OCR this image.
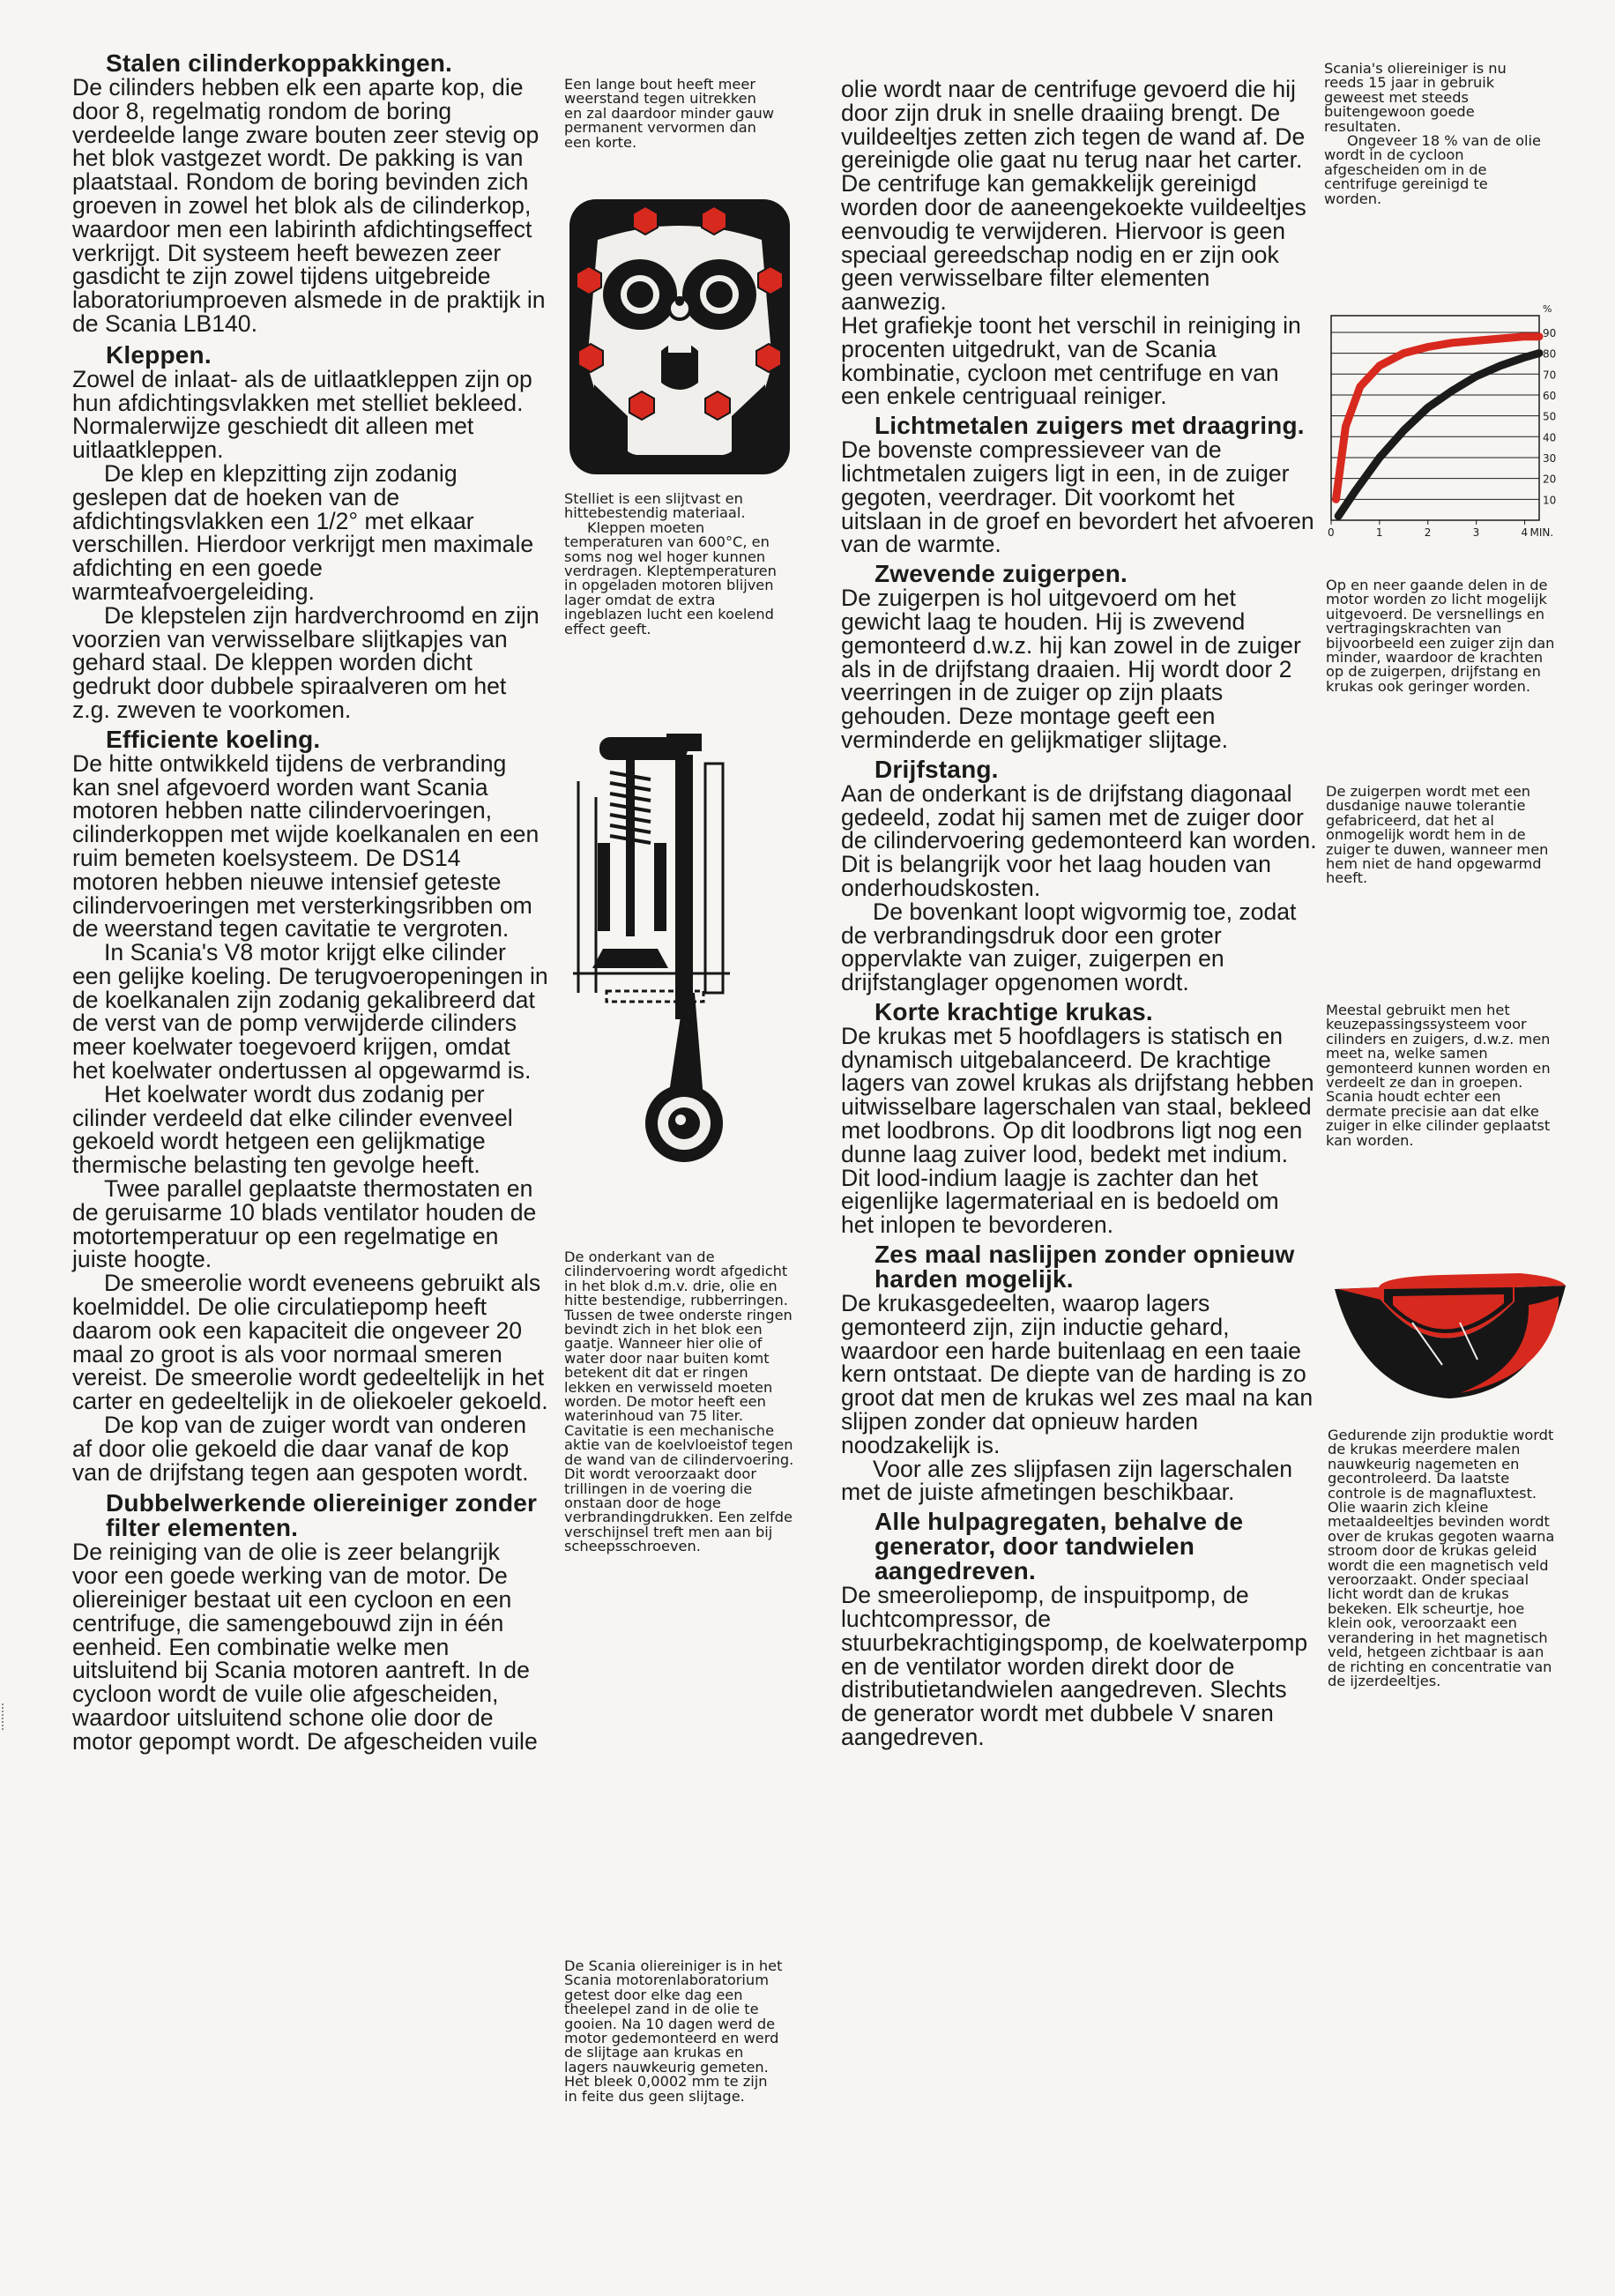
Stalen cilinderkoppakkingen.

De cilinders hebben elk een aparte kop, die door 8, regelmatig rondom de boring verdeelde lange zware bouten zeer stevig op het blok vastgezet wordt. De pakking is van plaatstaal. Rondom de boring bevinden zich groeven in zowel het blok als de cilinderkop, waardoor men een labirinth afdichtingseffect verkrijgt. Dit systeem heeft bewezen zeer gasdicht te zijn zowel tijdens uitgebreide laboratoriumproeven alsmede in de praktijk in de Scania LB140.

Kleppen.

Zowel de inlaat- als de uitlaatkleppen zijn op hun afdichtingsvlakken met stelliet bekleed. Normalerwijze geschiedt dit alleen met uitlaatkleppen.

De klep en klepzitting zijn zodanig geslepen dat de hoeken van de afdichtingsvlakken een 1/2° met elkaar verschillen. Hierdoor verkrijgt men maximale afdichting en een goede warmteafvoergeleiding.

De klepstelen zijn hardverchroomd en zijn voorzien van verwisselbare slijtkapjes van gehard staal. De kleppen worden dicht gedrukt door dubbele spiraalveren om het z.g. zweven te voorkomen.

Efficiente koeling.

De hitte ontwikkeld tijdens de verbranding kan snel afgevoerd worden want Scania motoren hebben natte cilindervoeringen, cilinderkoppen met wijde koelkanalen en een ruim bemeten koelsysteem. De DS14 motoren hebben nieuwe intensief geteste cilindervoeringen met versterkingsribben om de weerstand tegen cavitatie te vergroten.

In Scania's V8 motor krijgt elke cilinder een gelijke koeling. De terugvoeropeningen in de koelkanalen zijn zodanig gekalibreerd dat de verst van de pomp verwijderde cilinders meer koelwater toegevoerd krijgen, omdat het koelwater ondertussen al opgewarmd is.

Het koelwater wordt dus zodanig per cilinder verdeeld dat elke cilinder evenveel gekoeld wordt hetgeen een gelijkmatige thermische belasting ten gevolge heeft.

Twee parallel geplaatste thermostaten en de geruisarme 10 blads ventilator houden de motortemperatuur op een regelmatige en juiste hoogte.

De smeerolie wordt eveneens gebruikt als koelmiddel. De olie circulatiepomp heeft daarom ook een kapaciteit die ongeveer 20 maal zo groot is als voor normaal smeren vereist. De smeerolie wordt gedeeltelijk in het carter en gedeeltelijk in de oliekoeler gekoeld.

De kop van de zuiger wordt van onderen af door olie gekoeld die daar vanaf de kop van de drijfstang tegen aan gespoten wordt.

Dubbelwerkende oliereiniger zonder filter elementen.

De reiniging van de olie is zeer belangrijk voor een goede werking van de motor. De oliereiniger bestaat uit een cycloon en een centrifuge, die samengebouwd zijn in één eenheid. Een combinatie welke men uitsluitend bij Scania motoren aantreft. In de cycloon wordt de vuile olie afgescheiden, waardoor uitsluitend schone olie door de motor gepompt wordt. De afgescheiden vuile

Een lange bout heeft meer weerstand tegen uitrekken en zal daardoor minder gauw permanent vervormen dan een korte.

Stelliet is een slijtvast en hittebestendig materiaal.

Kleppen moeten temperaturen van 600°C, en soms nog wel hoger kunnen verdragen. Kleptemperaturen in opgeladen motoren blijven lager omdat de extra ingeblazen lucht een koelend effect geeft.

De onderkant van de cilindervoering wordt afgedicht in het blok d.m.v. drie, olie en hitte bestendige, rubberringen. Tussen de twee onderste ringen bevindt zich in het blok een gaatje. Wanneer hier olie of water door naar buiten komt betekent dit dat er ringen lekken en verwisseld moeten worden. De motor heeft een waterinhoud van 75 liter. Cavitatie is een mechanische aktie van de koelvloeistof tegen de wand van de cilindervoering. Dit wordt veroorzaakt door trillingen in de voering die onstaan door de hoge verbrandingdrukken. Een zelfde verschijnsel treft men aan bij scheepsschroeven.
De Scania oliereiniger is in het Scania motorenlaboratorium getest door elke dag een theelepel zand in de olie te gooien. Na 10 dagen werd de motor gedemonteerd en werd de slijtage aan krukas en lagers nauwkeurig gemeten. Het bleek 0,0002 mm te zijn in feite dus geen slijtage.

olie wordt naar de centrifuge gevoerd die hij door zijn druk in snelle draaiing brengt. De vuildeeltjes zetten zich tegen de wand af. De gereinigde olie gaat nu terug naar het carter. De centrifuge kan gemakkelijk gereinigd worden door de aaneengekoekte vuildeeltjes eenvoudig te verwijderen. Hiervoor is geen speciaal gereedschap nodig en er zijn ook geen verwisselbare filter elementen aanwezig.

Het grafiekje toont het verschil in reiniging in procenten uitgedrukt, van de Scania kombinatie, cycloon met centrifuge en van een enkele centriguaal reiniger.

Lichtmetalen zuigers met draagring.

De bovenste compressieveer van de lichtmetalen zuigers ligt in een, in de zuiger gegoten, veerdrager. Dit voorkomt het uitslaan in de groef en bevordert het afvoeren van de warmte.

Zwevende zuigerpen.

De zuigerpen is hol uitgevoerd om het gewicht laag te houden. Hij is zwevend gemonteerd d.w.z. hij kan zowel in de zuiger als in de drijfstang draaien. Hij wordt door 2 veerringen in de zuiger op zijn plaats gehouden. Deze montage geeft een verminderde en gelijkmatiger slijtage.

Drijfstang.

Aan de onderkant is de drijfstang diagonaal gedeeld, zodat hij samen met de zuiger door de cilindervoering gedemonteerd kan worden. Dit is belangrijk voor het laag houden van onderhoudskosten.

De bovenkant loopt wigvormig toe, zodat de verbrandingsdruk door een groter oppervlakte van zuiger, zuigerpen en drijfstanglager opgenomen wordt.

Korte krachtige krukas.

De krukas met 5 hoofdlagers is statisch en dynamisch uitgebalanceerd. De krachtige lagers van zowel krukas als drijfstang hebben uitwisselbare lagerschalen van staal, bekleed met loodbrons. Op dit loodbrons ligt nog een dunne laag zuiver lood, bedekt met indium. Dit lood-indium laagje is zachter dan het eigenlijke lagermateriaal en is bedoeld om het inlopen te bevorderen.

Zes maal naslijpen zonder opnieuw harden mogelijk.

De krukasgedeelten, waarop lagers gemonteerd zijn, zijn inductie gehard, waardoor een harde buitenlaag en een taaie kern ontstaat. De diepte van de harding is zo groot dat men de krukas wel zes maal na kan slijpen zonder dat opnieuw harden noodzakelijk is.

Voor alle zes slijpfasen zijn lagerschalen met de juiste afmetingen beschikbaar.

Alle hulpagregaten, behalve de generator, door tandwielen aangedreven.

De smeeroliepomp, de inspuitpomp, de luchtcompressor, de stuurbekrachtigingspomp, de koelwaterpomp en de ventilator worden direkt door de distributietandwielen aangedreven. Slechts de generator wordt met dubbele V snaren aangedreven.

Scania's oliereiniger is nu reeds 15 jaar in gebruik geweest met steeds buitengewoon goede resultaten.

Ongeveer 18 % van de olie wordt in de cycloon afgescheiden om in de centrifuge gereinigd te worden.

10
20
30
40
50
60
70
80
90
0	1	2	3	4
%
MIN.
Op en neer gaande delen in de motor worden zo licht mogelijk uitgevoerd. De versnellings en vertragingskrachten van bijvoorbeeld een zuiger zijn dan minder, waardoor de krachten op de zuigerpen, drijfstang en krukas ook geringer worden.
De zuigerpen wordt met een dusdanige nauwe tolerantie gefabriceerd, dat het al onmogelijk wordt hem in de zuiger te duwen, wanneer men hem niet de hand opgewarmd heeft.
Meestal gebruikt men het keuzepassingssysteem voor cilinders en zuigers, d.w.z. men meet na, welke samen gemonteerd kunnen worden en verdeelt ze dan in groepen. Scania houdt echter een dermate precisie aan dat elke zuiger in elke cilinder geplaatst kan worden.
Gedurende zijn produktie wordt de krukas meerdere malen nauwkeurig nagemeten en gecontroleerd. Da laatste controle is de magnafluxtest. Olie waarin zich kleine metaaldeeltjes bevinden wordt over de krukas gegoten waarna stroom door de krukas geleid wordt die een magnetisch veld veroorzaakt. Onder speciaal licht wordt dan de krukas bekeken. Elk scheurtje, hoe klein ook, veroorzaakt een verandering in het magnetisch veld, hetgeen zichtbaar is aan de richting en concentratie van de ijzerdeeltjes.
